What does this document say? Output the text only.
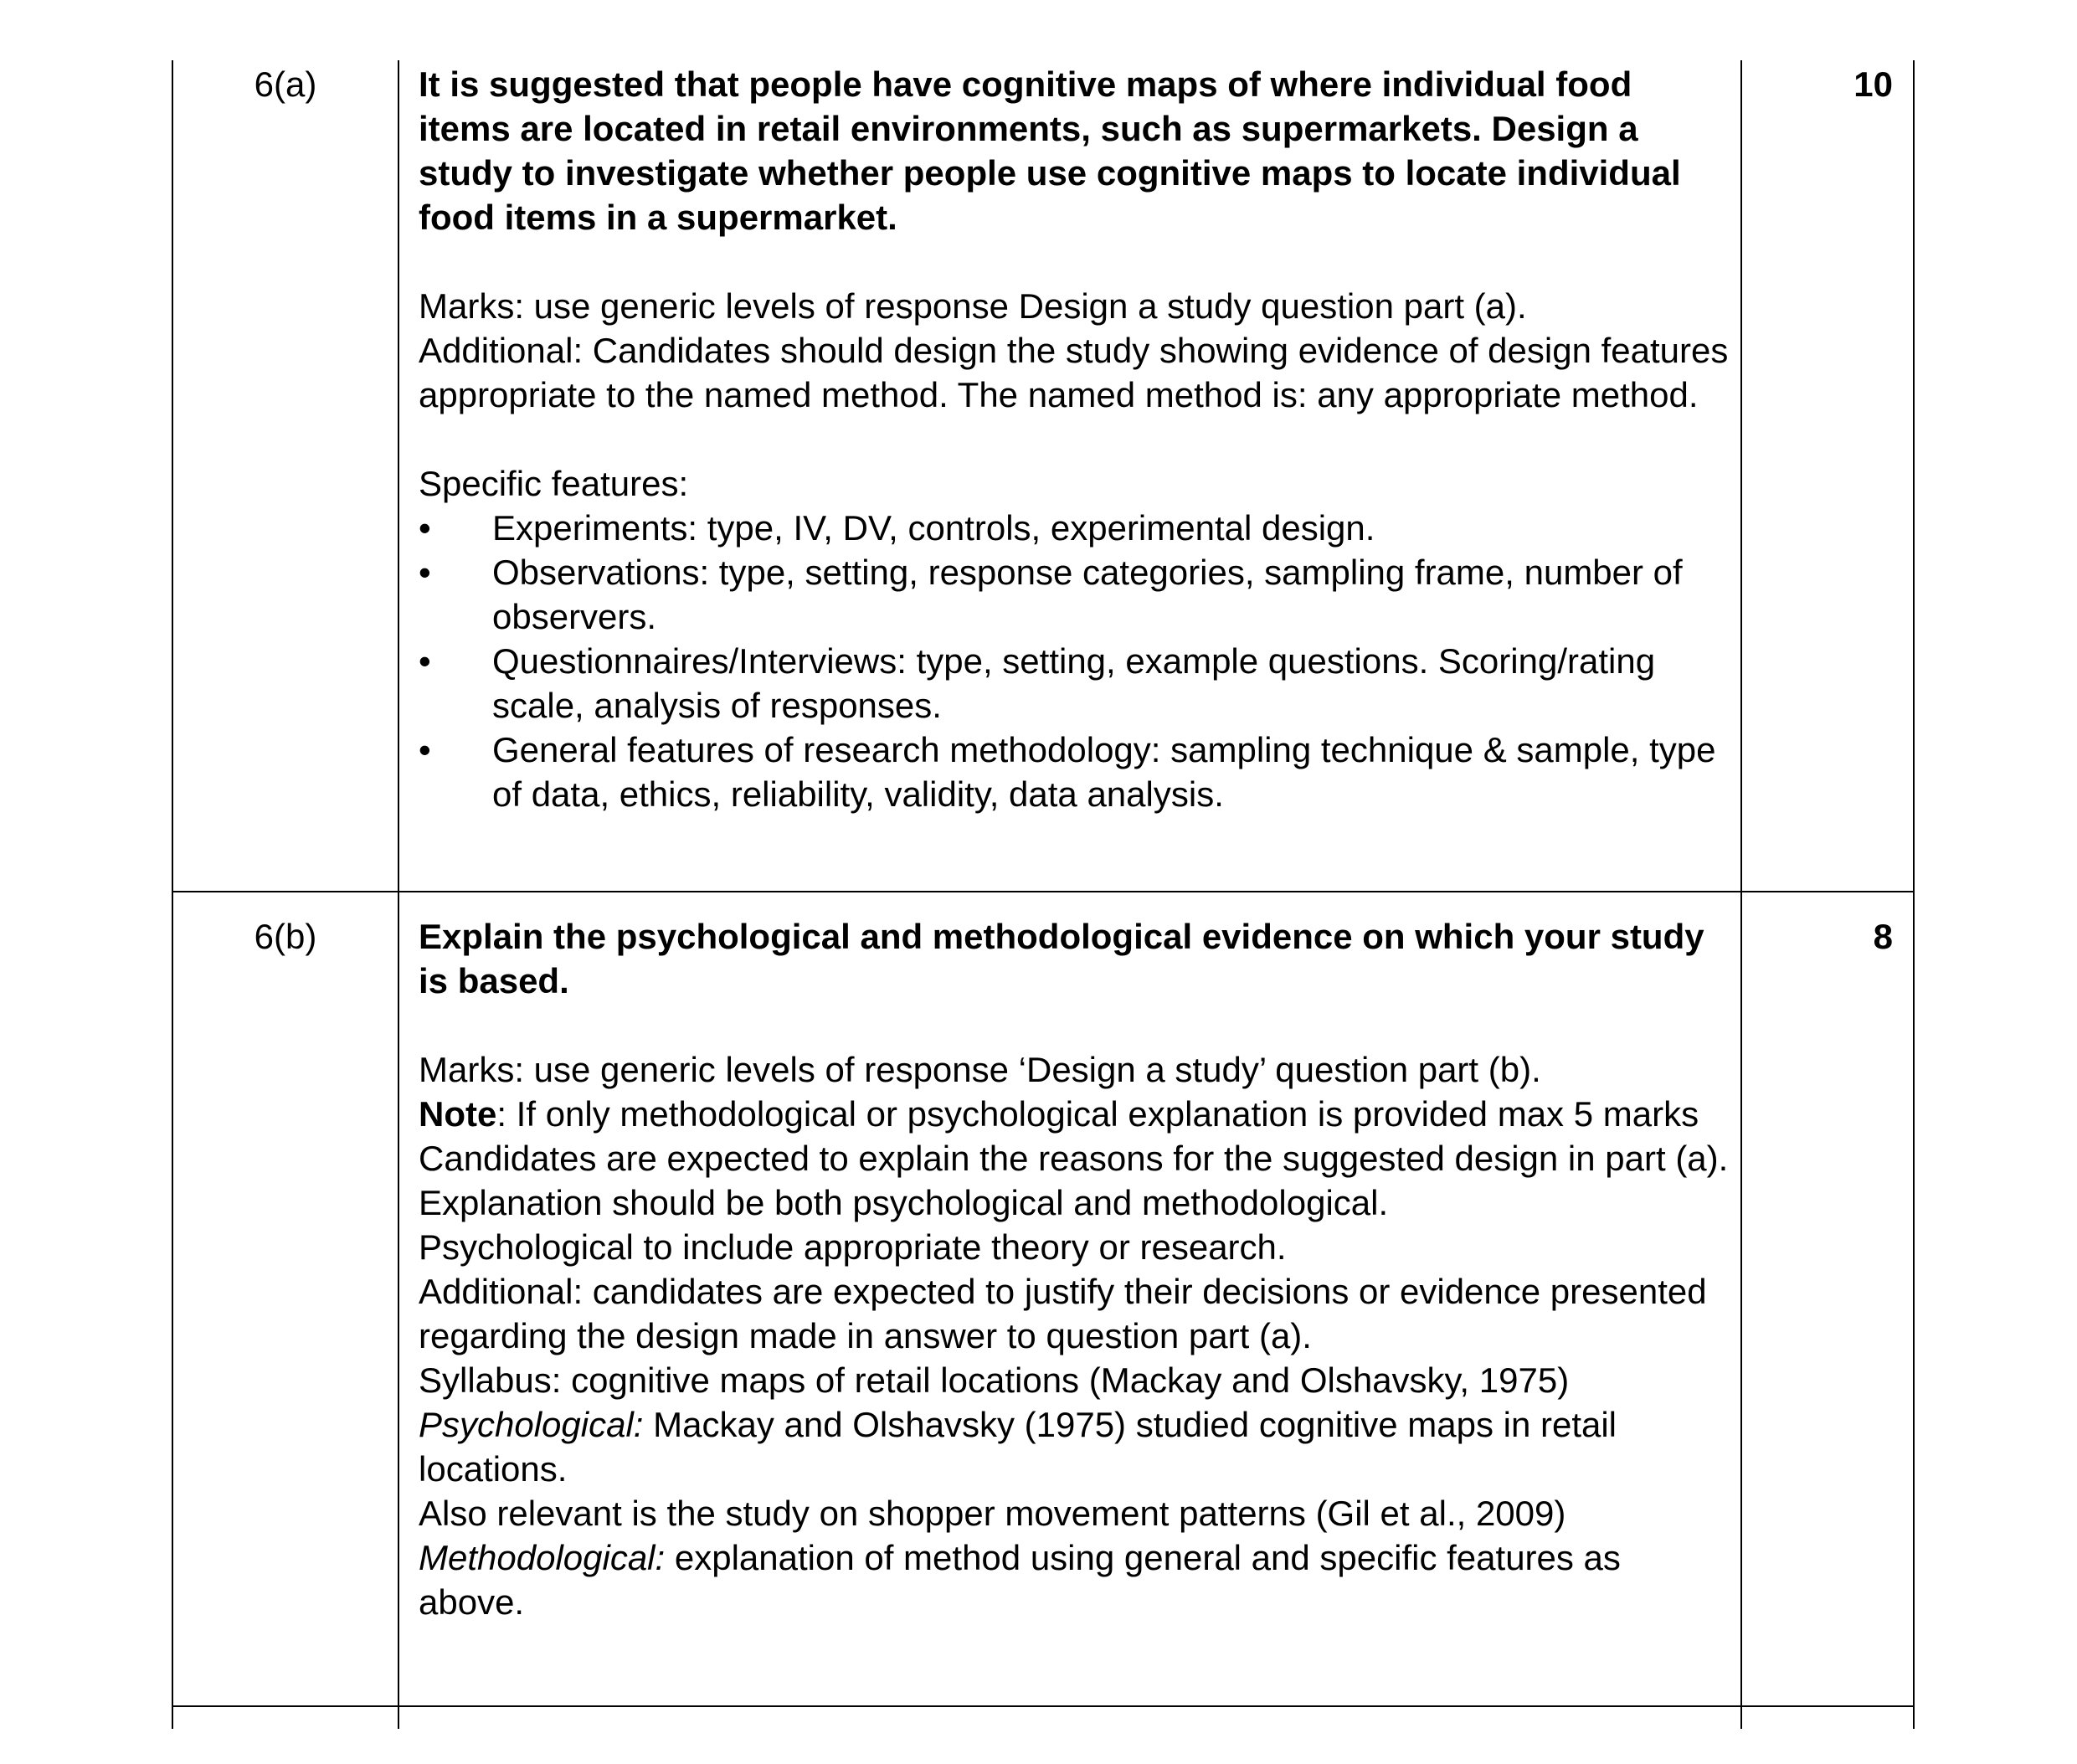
6(a)	10

It is suggested that people have cognitive maps of where individual food items are located in retail environments, such as supermarkets. Design a study to investigate whether people use cognitive maps to locate individual food items in a supermarket.

Marks: use generic levels of response Design a study question part (a).

Additional: Candidates should design the study showing evidence of design features appropriate to the named method. The named method is: any appropriate method.

Specific features:

• Experiments: type, IV, DV, controls, experimental design.
• Observations: type, setting, response categories, sampling frame, number of observers.
• Questionnaires/Interviews: type, setting, example questions. Scoring/rating scale, analysis of responses.
• General features of research methodology: sampling technique & sample, type of data, ethics, reliability, validity, data analysis.
6(b)	8

Explain the psychological and methodological evidence on which your study is based.

Marks: use generic levels of response ‘Design a study’ question part (b).

Note: If only methodological or psychological explanation is provided max 5 marks

Candidates are expected to explain the reasons for the suggested design in part (a). Explanation should be both psychological and methodological.

Psychological to include appropriate theory or research.

Additional: candidates are expected to justify their decisions or evidence presented regarding the design made in answer to question part (a).

Syllabus: cognitive maps of retail locations (Mackay and Olshavsky, 1975)

Psychological: Mackay and Olshavsky (1975) studied cognitive maps in retail locations.

Also relevant is the study on shopper movement patterns (Gil et al., 2009)

Methodological: explanation of method using general and specific features as above.
